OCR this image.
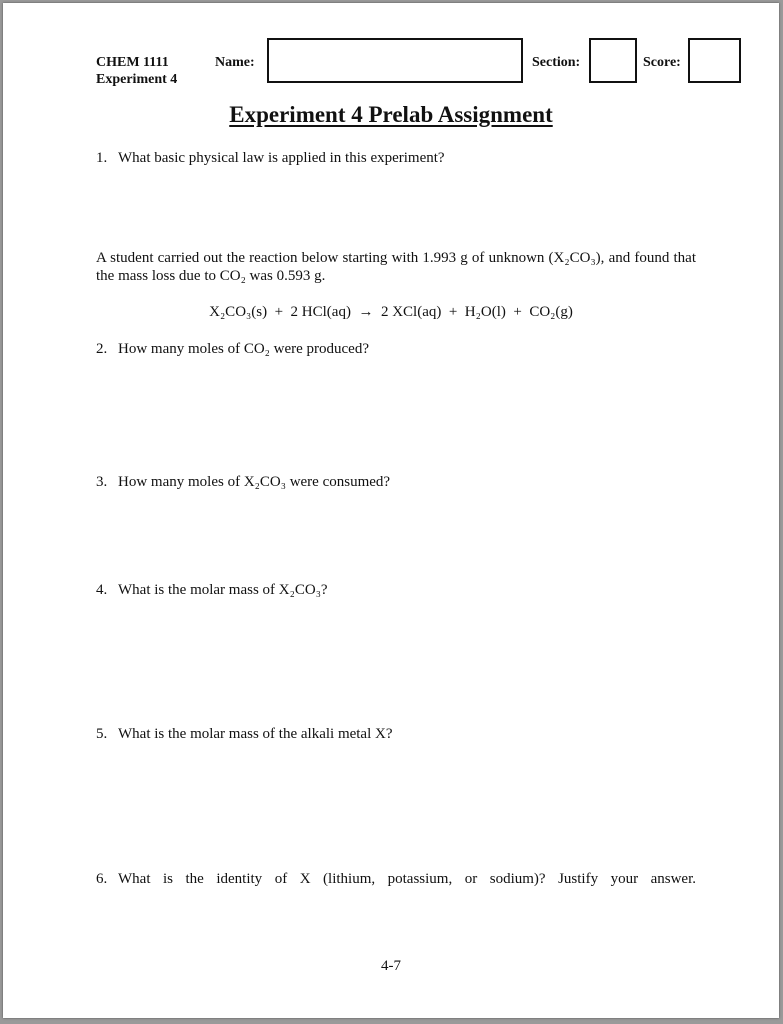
CHEM 1111
Experiment 4
Name:	Section:	Score:
Experiment 4 Prelab Assignment
1. What basic physical law is applied in this experiment?
A student carried out the reaction below starting with 1.993 g of unknown (X₂CO₃), and found that the mass loss due to CO₂ was 0.593 g.
X₂CO₃(s)  +  2 HCl(aq)  →  2 XCl(aq)  +  H₂O(l)  +  CO₂(g)
2. How many moles of CO₂ were produced?
3. How many moles of X₂CO₃ were consumed?
4. What is the molar mass of X₂CO₃?
5. What is the molar mass of the alkali metal X?
6. What is the identity of X (lithium, potassium, or sodium)? Justify your answer.
4-7
